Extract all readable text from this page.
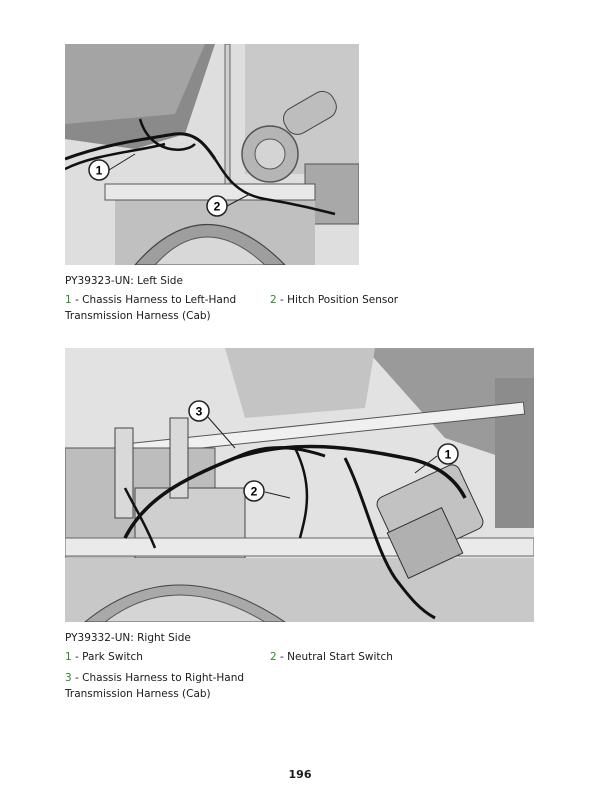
1
2
PY39323-UN: Left Side
1 - Chassis Harness to Left-Hand
Transmission Harness (Cab)
2 - Hitch Position Sensor
1
2
3
PY39332-UN: Right Side
1 - Park Switch	2 - Neutral Start Switch
3 - Chassis Harness to Right-Hand
Transmission Harness (Cab)
196
